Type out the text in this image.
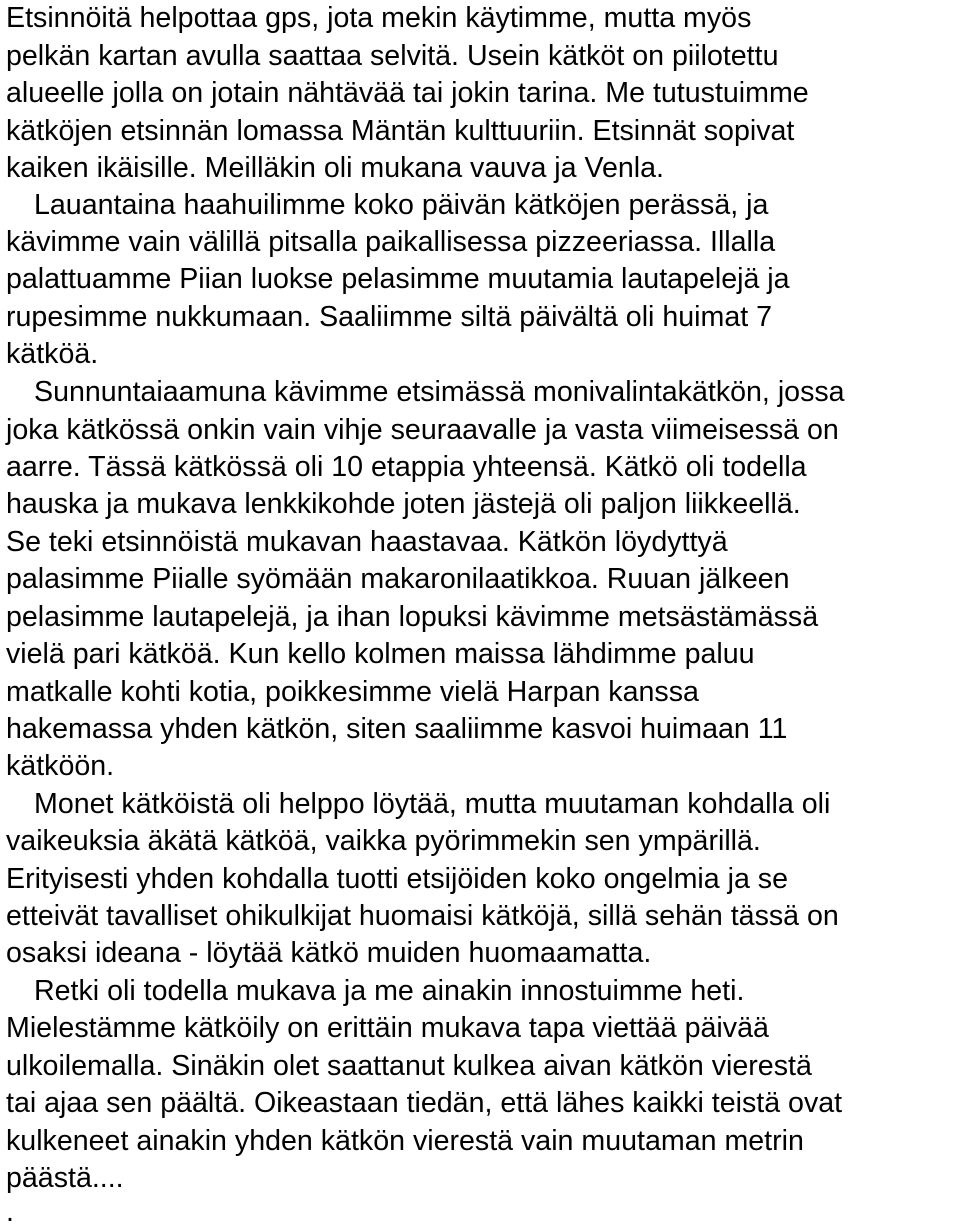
Etsinnöitä helpottaa gps, jota mekin käytimme, mutta myös
pelkän kartan avulla saattaa selvitä. Usein kätköt on piilotettu
alueelle jolla on jotain nähtävää tai jokin tarina. Me tutustuimme
kätköjen etsinnän lomassa Mäntän kulttuuriin. Etsinnät sopivat
kaiken ikäisille. Meilläkin oli mukana vauva ja Venla.
Lauantaina haahuilimme koko päivän kätköjen perässä, ja
kävimme vain välillä pitsalla paikallisessa pizzeeriassa. Illalla
palattuamme Piian luokse pelasimme muutamia lautapelejä ja
rupesimme nukkumaan. Saaliimme siltä päivältä oli huimat 7
kätköä.
Sunnuntaiaamuna kävimme etsimässä monivalintakätkön, jossa
joka kätkössä onkin vain vihje seuraavalle ja vasta viimeisessä on
aarre. Tässä kätkössä oli 10 etappia yhteensä. Kätkö oli todella
hauska ja mukava lenkkikohde joten jästejä oli paljon liikkeellä.
Se teki etsinnöistä mukavan haastavaa. Kätkön löydyttyä
palasimme Piialle syömään makaronilaatikkoa. Ruuan jälkeen
pelasimme lautapelejä, ja ihan lopuksi kävimme metsästämässä
vielä pari kätköä. Kun kello kolmen maissa lähdimme paluu
matkalle kohti kotia, poikkesimme vielä Harpan kanssa
hakemassa yhden kätkön, siten saaliimme kasvoi huimaan 11
kätköön.
Monet kätköistä oli helppo löytää, mutta muutaman kohdalla oli
vaikeuksia äkätä kätköä, vaikka pyörimmekin sen ympärillä.
Erityisesti yhden kohdalla tuotti etsijöiden koko ongelmia ja se
etteivät tavalliset ohikulkijat huomaisi kätköjä, sillä sehän tässä on
osaksi ideana - löytää kätkö muiden huomaamatta.
Retki oli todella mukava ja me ainakin innostuimme heti.
Mielestämme kätköily on erittäin mukava tapa viettää päivää
ulkoilemalla. Sinäkin olet saattanut kulkea aivan kätkön vierestä
tai ajaa sen päältä. Oikeastaan tiedän, että lähes kaikki teistä ovat
kulkeneet ainakin yhden kätkön vierestä vain muutaman metrin
päästä....
.
